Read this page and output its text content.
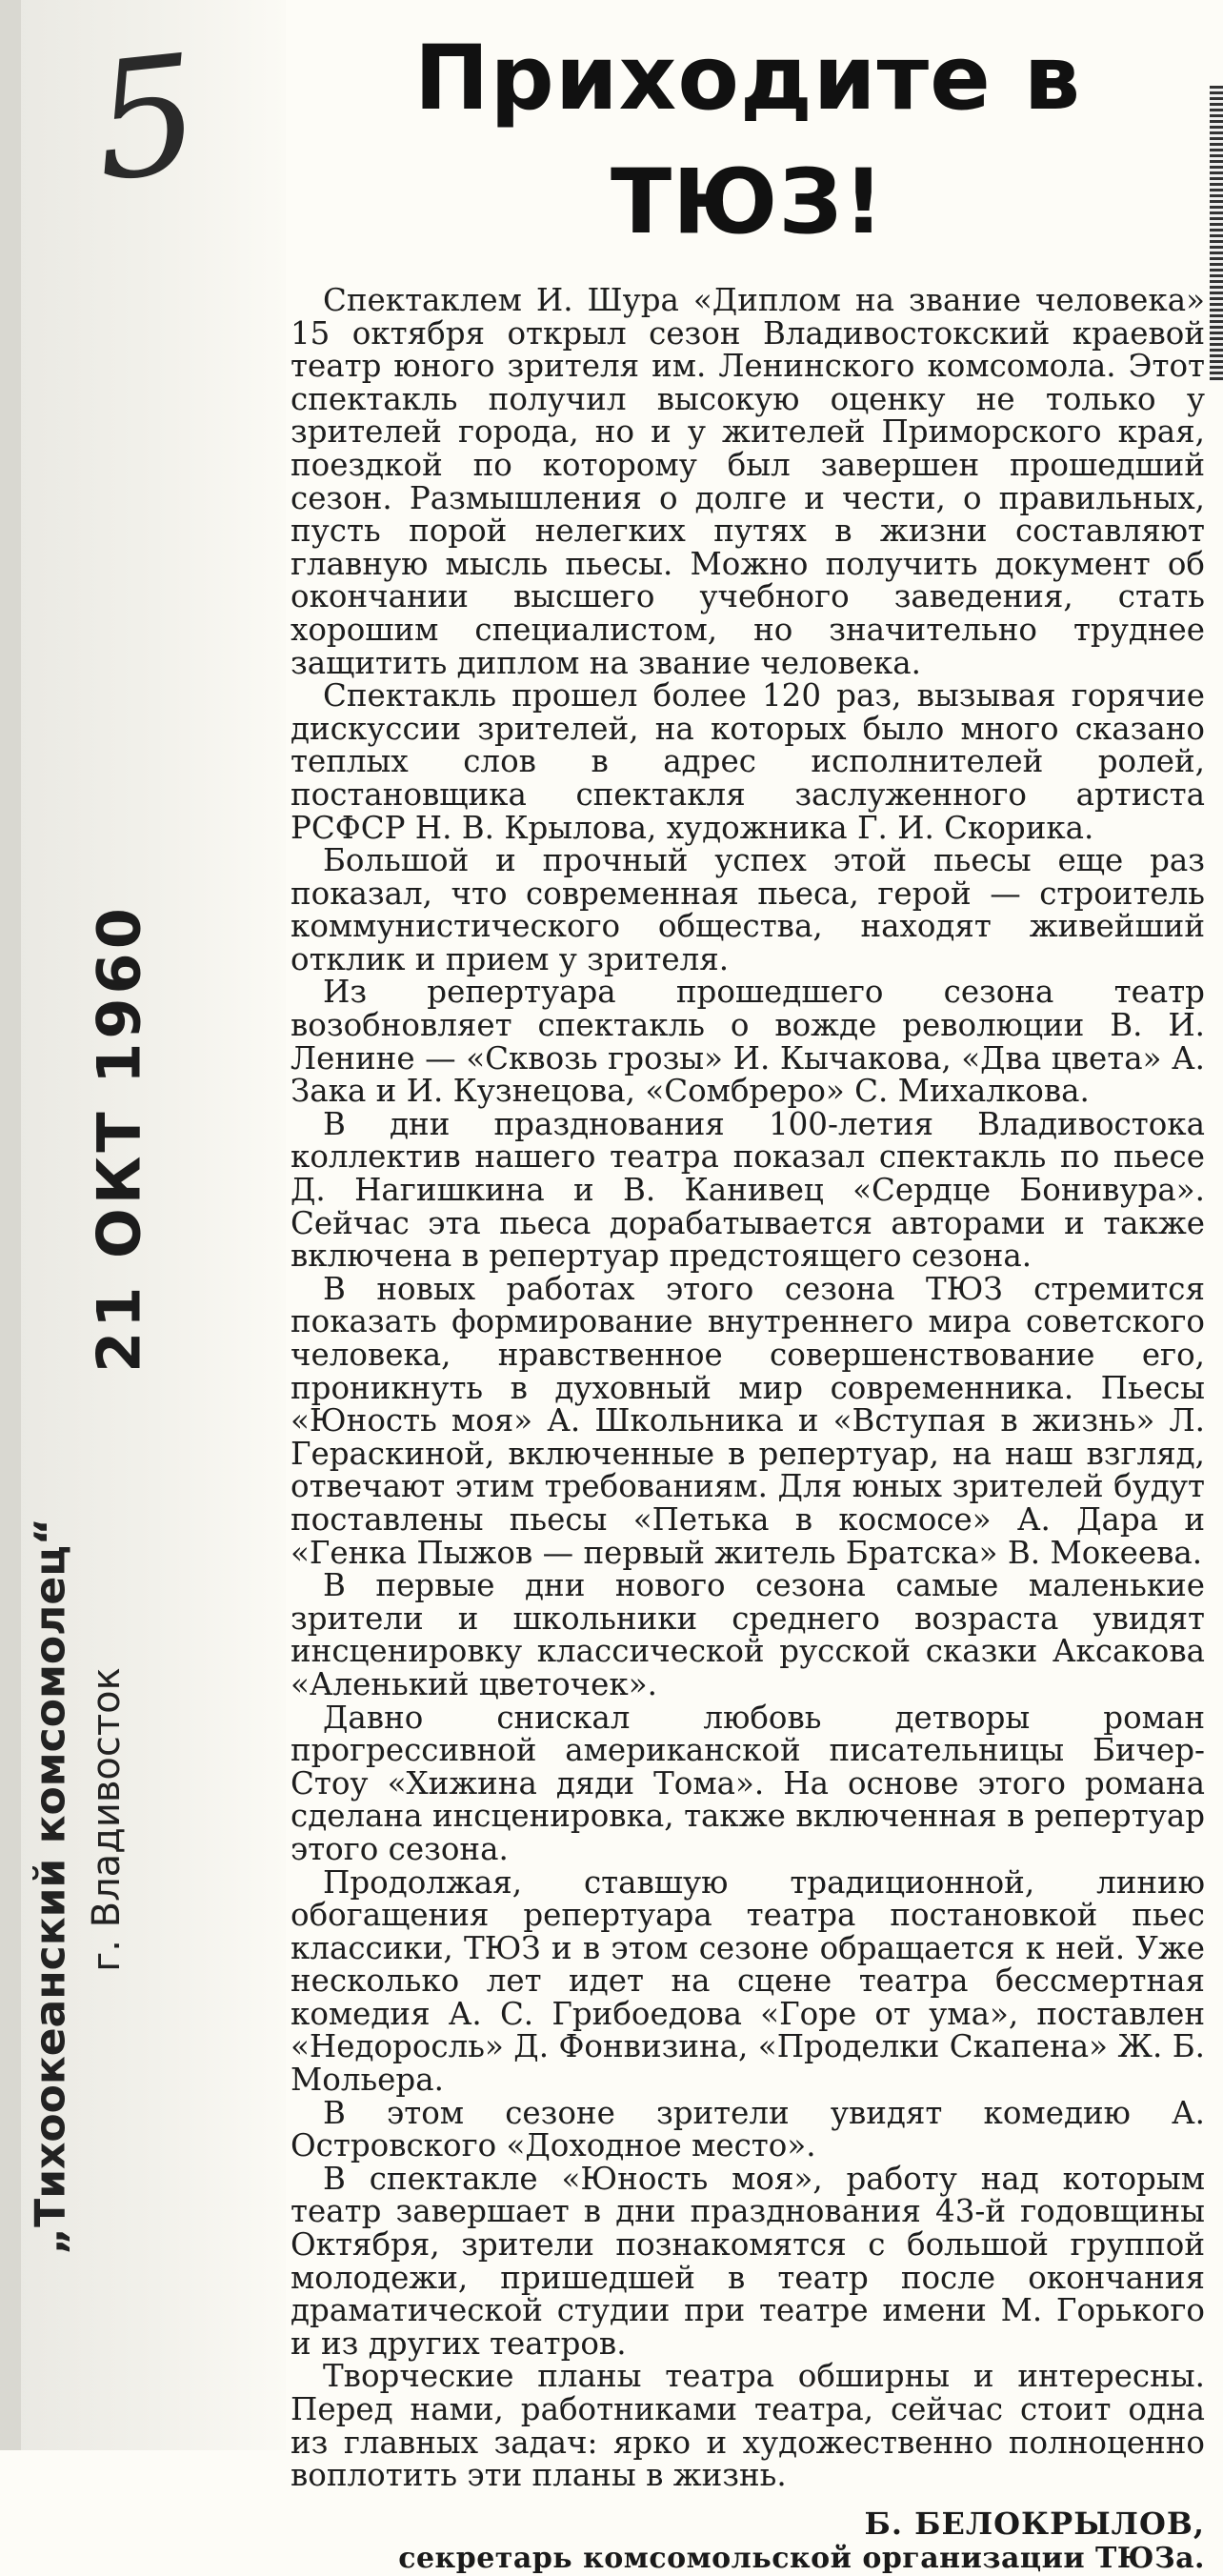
5
21 ОКТ 1960
„Тихоокеанский комсомолец“ г. Владивосток
Приходите в ТЮЗ!

Спектаклем И. Шура «Диплом на звание человека» 15 октября открыл сезон Владивостокский краевой театр юного зрителя им. Ленинского комсомола. Этот спектакль получил высокую оценку не только у зрителей города, но и у жителей Приморского края, поездкой по которому был завершен прошедший сезон. Размышления о долге и чести, о правильных, пусть порой нелегких путях в жизни составляют главную мысль пьесы. Можно получить документ об окончании высшего учебного заведения, стать хорошим специалистом, но значительно труднее защитить диплом на звание человека.

Спектакль прошел более 120 раз, вызывая горячие дискуссии зрителей, на которых было много сказано теплых слов в адрес исполнителей ролей, постановщика спектакля заслуженного артиста РСФСР Н. В. Крылова, художника Г. И. Скорика.

Большой и прочный успех этой пьесы еще раз показал, что современная пьеса, герой — строитель коммунистического общества, находят живейший отклик и прием у зрителя.

Из репертуара прошедшего сезона театр возобновляет спектакль о вожде революции В. И. Ленине — «Сквозь грозы» И. Кычакова, «Два цвета» А. Зака и И. Кузнецова, «Сомбреро» С. Михалкова.

В дни празднования 100-летия Владивостока коллектив нашего театра показал спектакль по пьесе Д. Нагишкина и В. Канивец «Сердце Бонивура». Сейчас эта пьеса дорабатывается авторами и также включена в репертуар предстоящего сезона.

В новых работах этого сезона ТЮЗ стремится показать формирование внутреннего мира советского человека, нравственное совершенствование его, проникнуть в духовный мир современника. Пьесы «Юность моя» А. Школьника и «Вступая в жизнь» Л. Гераскиной, включенные в репертуар, на наш взгляд, отвечают этим требованиям. Для юных зрителей будут поставлены пьесы «Петька в космосе» А. Дара и «Генка Пыжов — первый житель Братска» В. Мокеева.

В первые дни нового сезона самые маленькие зрители и школьники среднего возраста увидят инсценировку классической русской сказки Аксакова «Аленький цветочек».

Давно снискал любовь детворы роман прогрессивной американской писательницы Бичер-Стоу «Хижина дяди Тома». На основе этого романа сделана инсценировка, также включенная в репертуар этого сезона.

Продолжая, ставшую традиционной, линию обогащения репертуара театра постановкой пьес классики, ТЮЗ и в этом сезоне обращается к ней. Уже несколько лет идет на сцене театра бессмертная комедия А. С. Грибоедова «Горе от ума», поставлен «Недоросль» Д. Фонвизина, «Проделки Скапена» Ж. Б. Мольера.

В этом сезоне зрители увидят комедию А. Островского «Доходное место».

В спектакле «Юность моя», работу над которым театр завершает в дни празднования 43-й годовщины Октября, зрители познакомятся с большой группой молодежи, пришедшей в театр после окончания драматической студии при театре имени М. Горького и из других театров.

Творческие планы театра обширны и интересны. Перед нами, работниками театра, сейчас стоит одна из главных задач: ярко и художественно полноценно воплотить эти планы в жизнь.

Б. БЕЛОКРЫЛОВ,
секретарь комсомольской организации ТЮЗа.
